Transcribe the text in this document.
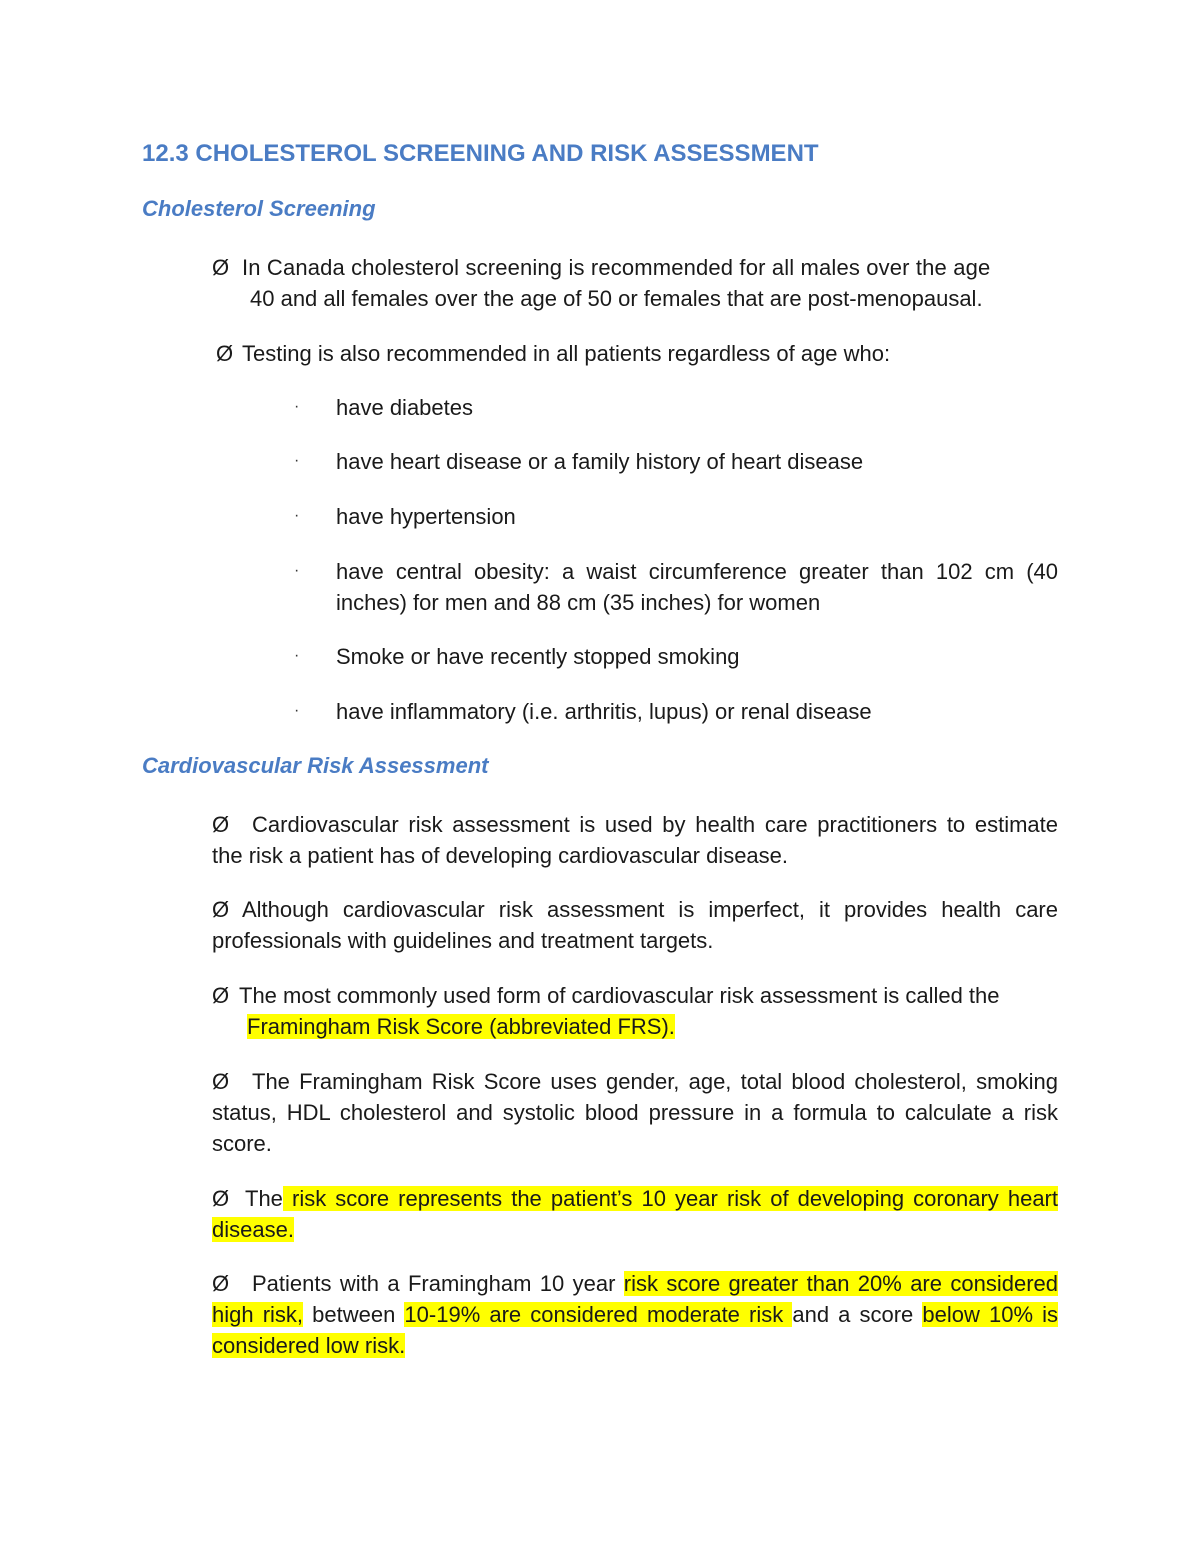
12.3 CHOLESTEROL SCREENING AND RISK ASSESSMENT
Cholesterol Screening
Ø In Canada cholesterol screening is recommended for all males over the age
40 and all females over the age of 50 or females that are post-menopausal.
Ø Testing is also recommended in all patients regardless of age who:
· have diabetes
· have heart disease or a family history of heart disease
· have hypertension
· have central obesity: a waist circumference greater than 102 cm (40 inches) for men and 88 cm (35 inches) for women
· Smoke or have recently stopped smoking
· have inflammatory (i.e. arthritis, lupus) or renal disease
Cardiovascular Risk Assessment
Ø Cardiovascular risk assessment is used by health care practitioners to estimate the risk a patient has of developing cardiovascular disease.
Ø Although cardiovascular risk assessment is imperfect, it provides health care professionals with guidelines and treatment targets.
Ø The most commonly used form of cardiovascular risk assessment is called the
Framingham Risk Score (abbreviated FRS).
Ø The Framingham Risk Score uses gender, age, total blood cholesterol, smoking status, HDL cholesterol and systolic blood pressure in a formula to calculate a risk score.
Ø The risk score represents the patient’s 10 year risk of developing coronary heart disease.
Ø Patients with a Framingham 10 year risk score greater than 20% are considered high risk, between 10-19% are considered moderate risk and a score below 10% is considered low risk.
